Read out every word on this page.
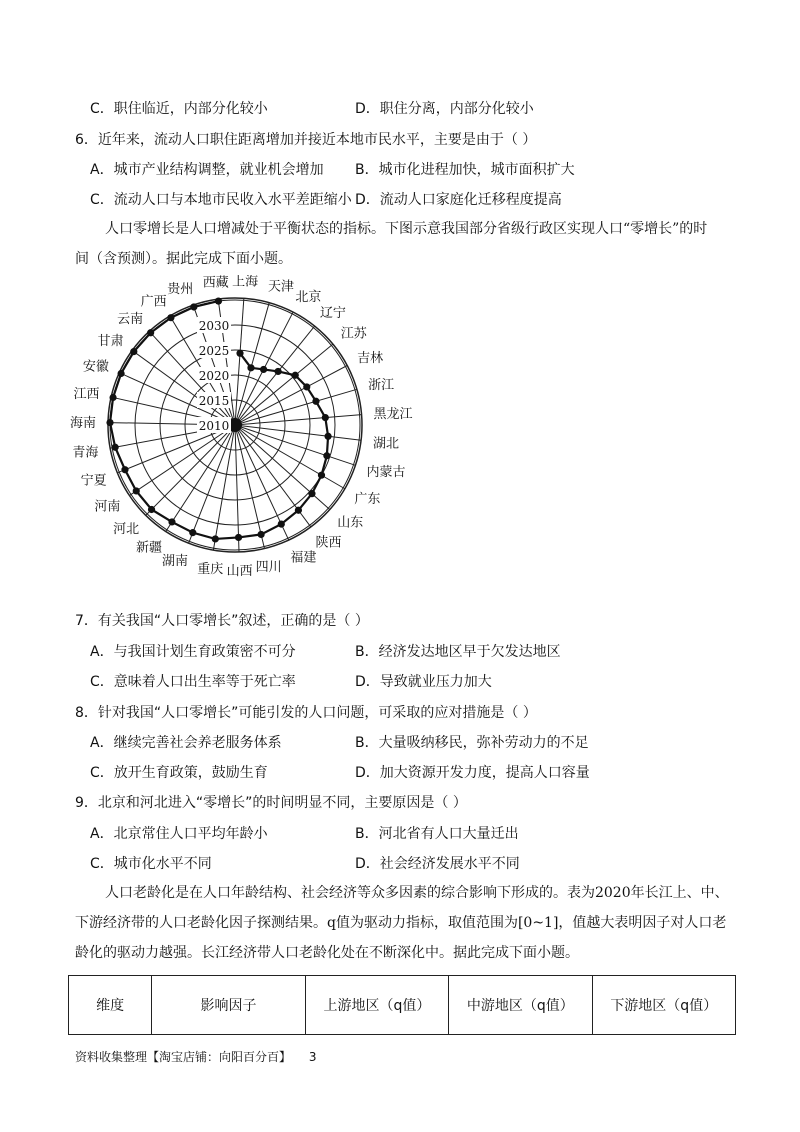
C．职住临近，内部分化较小	D．职住分离，内部分化较小
6．近年来，流动人口职住距离增加并接近本地市民水平，主要是由于（ ）
A．城市产业结构调整，就业机会增加 B．城市化进程加快，城市面积扩大
C．流动人口与本地市民收入水平差距缩小 D．流动人口家庭化迁移程度提高
人口零增长是人口增减处于平衡状态的指标。下图示意我国部分省级行政区实现人口“零增长”的时
间（含预测）。据此完成下面小题。
上海 天津
北京
辽宁
江苏
吉林
浙江
黑龙江
湖北
内蒙古
广东
山东
陕西
福建
四川
山西
重庆
湖南
新疆
河北
河南
宁夏
青海
海南
江西
安徽
甘肃
云南
广西
贵州 西藏
2010
2015
2020
2025
2030
7．有关我国“人口零增长”叙述，正确的是（ ）
A．与我国计划生育政策密不可分	B．经济发达地区早于欠发达地区
C．意味着人口出生率等于死亡率	D．导致就业压力加大
8．针对我国“人口零增长”可能引发的人口问题，可采取的应对措施是（ ）
A．继续完善社会养老服务体系	B．大量吸纳移民，弥补劳动力的不足
C．放开生育政策，鼓励生育	D．加大资源开发力度，提高人口容量
9．北京和河北进入“零增长”的时间明显不同，主要原因是（ ）
A．北京常住人口平均年龄小	B．河北省有人口大量迁出
C．城市化水平不同	D．社会经济发展水平不同
人口老龄化是在人口年龄结构、社会经济等众多因素的综合影响下形成的。表为2020年长江上、中、下游经济带的人口老龄化因子探测结果。q值为驱动力指标，取值范围为[0~1]，值越大表明因子对人口老龄化的驱动力越强。长江经济带人口老龄化处在不断深化中。据此完成下面小题。
维度	影响因子	上游地区（q值）	中游地区（q值）	下游地区（q值）
资料收集整理【淘宝店铺：向阳百分百】 3
